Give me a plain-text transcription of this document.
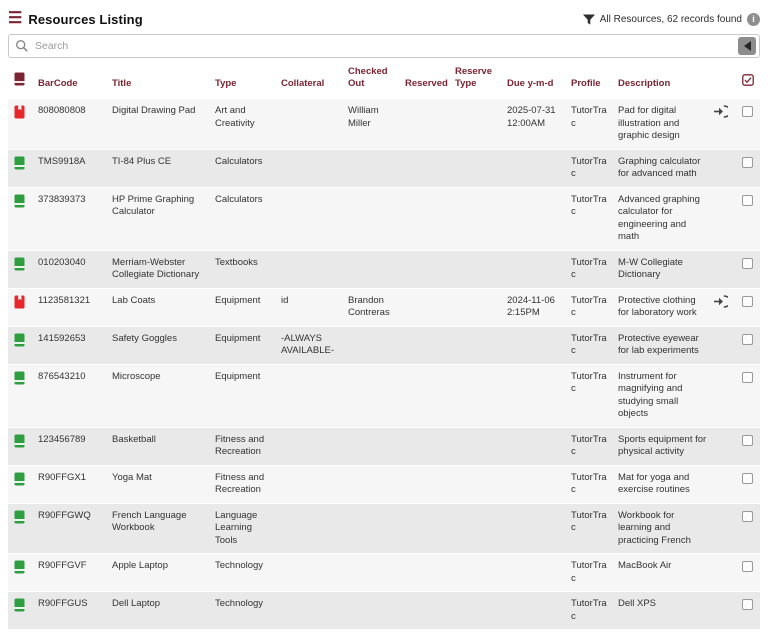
☰ Resources Listing	All Resources, 62 records found	i
Search
	BarCode	Title	Type	Collateral	Checked Out	Reserved	Reserve Type	Due y-m-d	Profile	Description		
	808080808	Digital Drawing Pad	Art and Creativity		William Miller			2025-07-31 12:00AM	TutorTrac	Pad for digital illustration and graphic design		
	TMS9918A	TI-84 Plus CE	Calculators						TutorTrac	Graphing calculator for advanced math		
	373839373	HP Prime Graphing Calculator	Calculators						TutorTrac	Advanced graphing calculator for engineering and math		
	010203040	Merriam-Webster Collegiate Dictionary	Textbooks						TutorTrac	M-W Collegiate Dictionary		
	1123581321	Lab Coats	Equipment	id	Brandon Contreras			2024-11-06 2:15PM	TutorTrac	Protective clothing for laboratory work		
	141592653	Safety Goggles	Equipment	-ALWAYS AVAILABLE-					TutorTrac	Protective eyewear for lab experiments		
	876543210	Microscope	Equipment						TutorTrac	Instrument for magnifying and studying small objects		
	123456789	Basketball	Fitness and Recreation						TutorTrac	Sports equipment for physical activity		
	R90FFGX1	Yoga Mat	Fitness and Recreation						TutorTrac	Mat for yoga and exercise routines		
	R90FFGWQ	French Language Workbook	Language Learning Tools						TutorTrac	Workbook for learning and practicing French		
	R90FFGVF	Apple Laptop	Technology						TutorTrac	MacBook Air		
	R90FFGUS	Dell Laptop	Technology						TutorTrac	Dell XPS		
